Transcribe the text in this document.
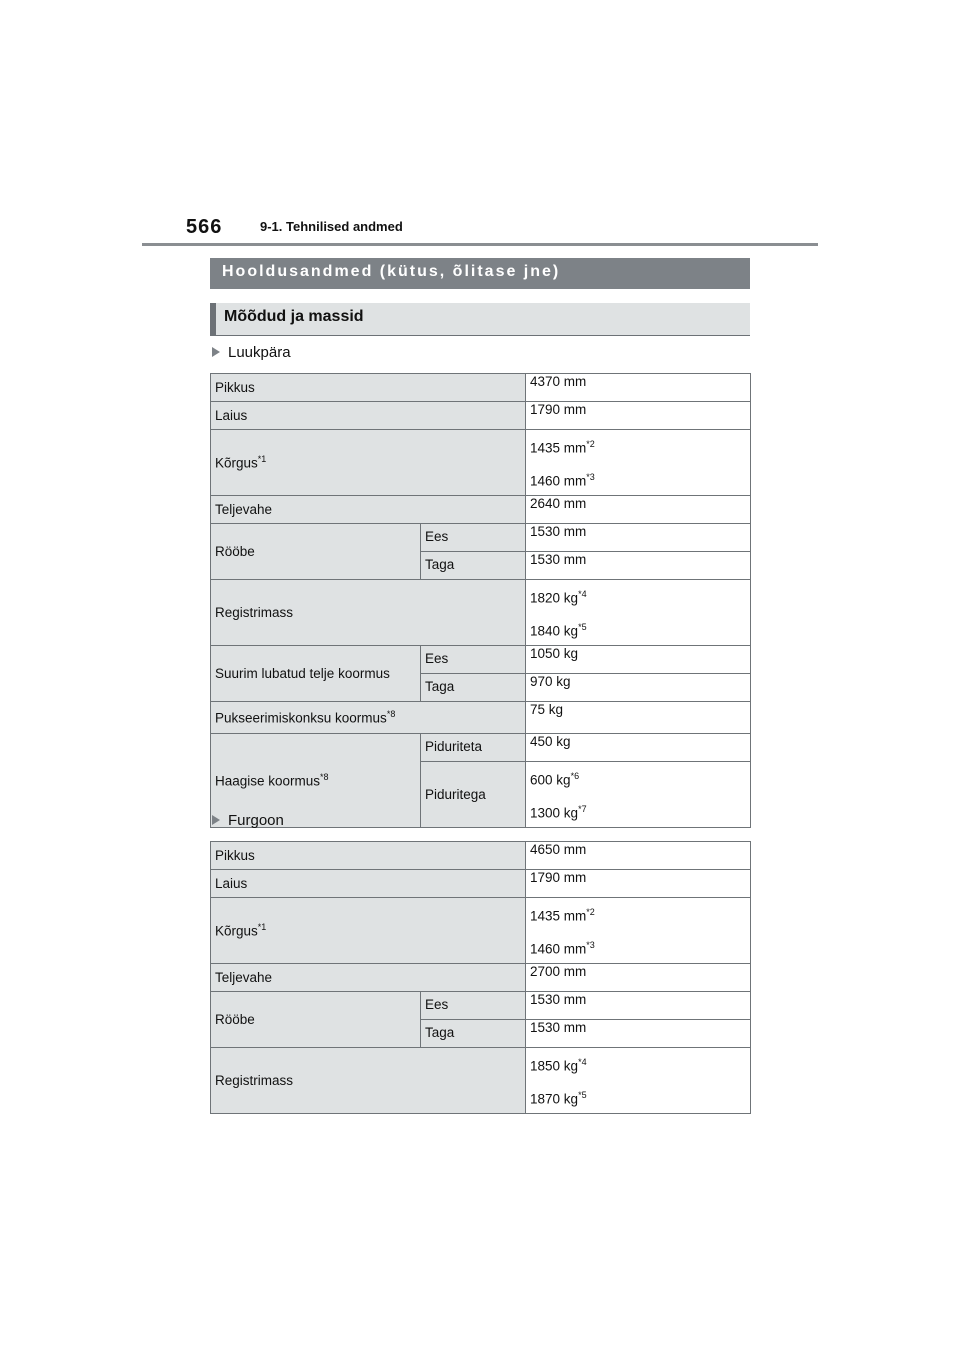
566	9-1. Tehnilised andmed
Hooldusandmed (kütus, õlitase jne)
Mõõdud ja massid
Luukpära
Pikkus		4370 mm
Laius		1790 mm
Kõrgus$^{*1}$		1435 $mm^{*2}$
1460 $mm^{*3}$

Teljevahe		2640 mm
Rööbe	Ees	1530 mm
	Taga	1530 mm
Registrimass		1820 $kg^{*4}$
1840 $kg^{*5}$

Suurim lubatud telje koormus	Ees	1050 kg
	Taga	970 kg
Pukseerimiskonksu koormus$^{*8}$		75 kg
Haagise koormus$^{*8}$	Piduriteta	450 kg
	Piduritega	600 $kg^{*6}$
1300 $kg^{*7}$
Furgoon
Pikkus		4650 mm
Laius		1790 mm
Kõrgus$^{*1}$		1435 $mm^{*2}$
1460 $mm^{*3}$

Teljevahe		2700 mm
Rööbe	Ees	1530 mm
	Taga	1530 mm
Registrimass		1850 $kg^{*4}$
1870 $kg^{*5}$
